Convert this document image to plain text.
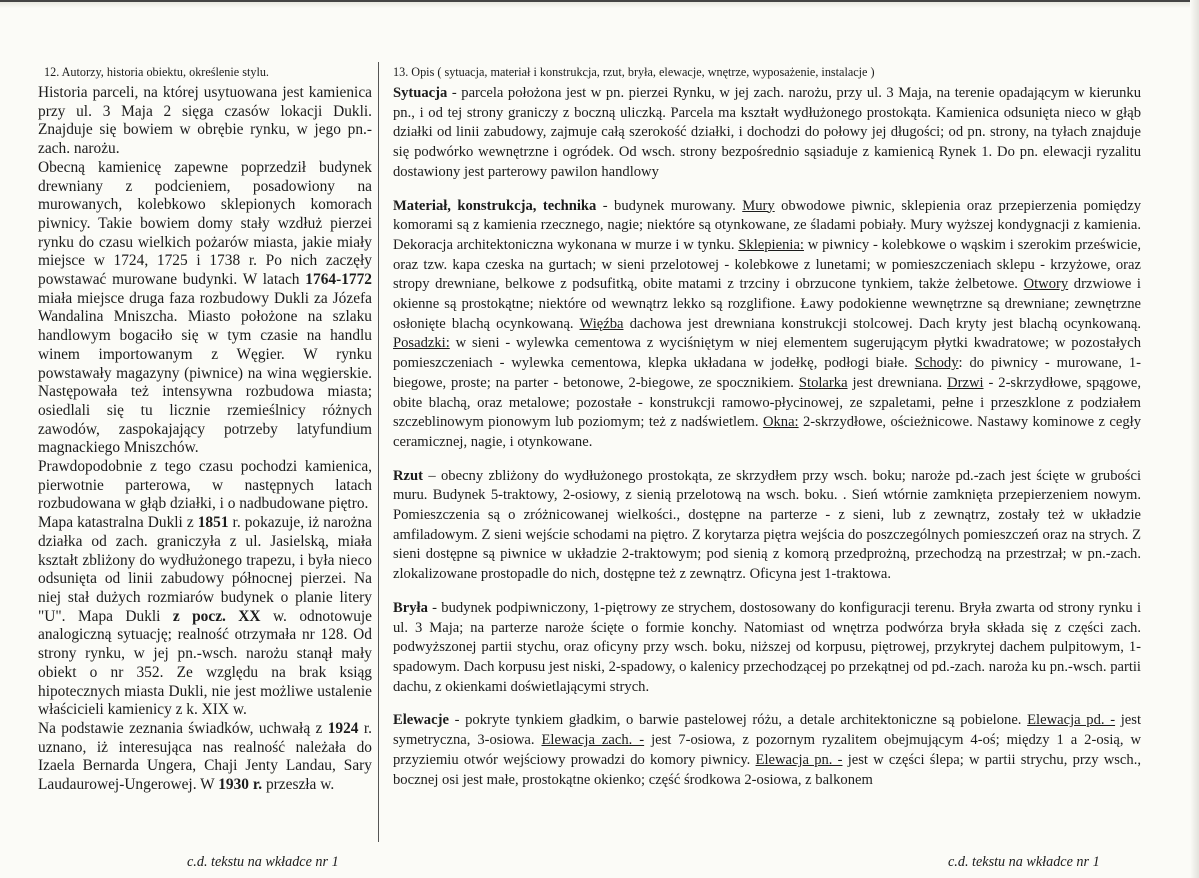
12. Autorzy, historia obiektu, określenie stylu.

Historia parceli, na której usytuowana jest kamienica przy ul. 3 Maja 2 sięga czasów lokacji Dukli. Znajduje się bowiem w obrębie rynku, w jego pn.-zach. narożu.

Obecną kamienicę zapewne poprzedził budynek drewniany z podcieniem, posadowiony na murowanych, kolebkowo sklepionych komorach piwnicy. Takie bowiem domy stały wzdłuż pierzei rynku do czasu wielkich pożarów miasta, jakie miały miejsce w 1724, 1725 i 1738 r. Po nich zaczęły powstawać murowane budynki. W latach 1764-1772 miała miejsce druga faza rozbudowy Dukli za Józefa Wandalina Mniszcha. Miasto położone na szlaku handlowym bogaciło się w tym czasie na handlu winem importowanym z Węgier. W rynku powstawały magazyny (piwnice) na wina węgierskie. Następowała też intensywna rozbudowa miasta; osiedlali się tu licznie rzemieślnicy różnych zawodów, zaspokajający potrzeby latyfundium magnackiego Mniszchów.

Prawdopodobnie z tego czasu pochodzi kamienica, pierwotnie parterowa, w następnych latach rozbudowana w głąb działki, i o nadbudowane piętro.

Mapa katastralna Dukli z 1851 r. pokazuje, iż narożna działka od zach. graniczyła z ul. Jasielską, miała kształt zbliżony do wydłużonego trapezu, i była nieco odsunięta od linii zabudowy północnej pierzei. Na niej stał dużych rozmiarów budynek o planie litery "U". Mapa Dukli z pocz. XX w. odnotowuje analogiczną sytuację; realność otrzymała nr 128. Od strony rynku, w jej pn.-wsch. narożu stanął mały obiekt o nr 352. Ze względu na brak ksiąg hipotecznych miasta Dukli, nie jest możliwe ustalenie właścicieli kamienicy z k. XIX w.

Na podstawie zeznania świadków, uchwałą z 1924 r. uznano, iż interesująca nas realność należała do Izaela Bernarda Ungera, Chaji Jenty Landau, Sary Laudaurowej-Ungerowej. W 1930 r. przeszła w.

13. Opis ( sytuacja, materiał i konstrukcja, rzut, bryła, elewacje, wnętrze, wyposażenie, instalacje )

Sytuacja - parcela położona jest w pn. pierzei Rynku, w jej zach. narożu, przy ul. 3 Maja, na terenie opadającym w kierunku pn., i od tej strony graniczy z boczną uliczką. Parcela ma kształt wydłużonego prostokąta. Kamienica odsunięta nieco w głąb działki od linii zabudowy, zajmuje całą szerokość działki, i dochodzi do połowy jej długości; od pn. strony, na tyłach znajduje się podwórko wewnętrzne i ogródek. Od wsch. strony bezpośrednio sąsiaduje z kamienicą Rynek 1. Do pn. elewacji ryzalitu dostawiony jest parterowy pawilon handlowy

Materiał, konstrukcja, technika - budynek murowany. Mury obwodowe piwnic, sklepienia oraz przepierzenia pomiędzy komorami są z kamienia rzecznego, nagie; niektóre są otynkowane, ze śladami pobiały. Mury wyższej kondygnacji z kamienia. Dekoracja architektoniczna wykonana w murze i w tynku. Sklepienia: w piwnicy - kolebkowe o wąskim i szerokim prześwicie, oraz tzw. kapa czeska na gurtach; w sieni przelotowej - kolebkowe z lunetami; w pomieszczeniach sklepu - krzyżowe, oraz stropy drewniane, belkowe z podsufitką, obite matami z trzciny i obrzucone tynkiem, także żelbetowe. Otwory drzwiowe i okienne są prostokątne; niektóre od wewnątrz lekko są rozglifione. Ławy podokienne wewnętrzne są drewniane; zewnętrzne osłonięte blachą ocynkowaną. Więźba dachowa jest drewniana konstrukcji stolcowej. Dach kryty jest blachą ocynkowaną. Posadzki: w sieni - wylewka cementowa z wyciśniętym w niej elementem sugerującym płytki kwadratowe; w pozostałych pomieszczeniach - wylewka cementowa, klepka układana w jodełkę, podłogi białe. Schody: do piwnicy - murowane, 1-biegowe, proste; na parter - betonowe, 2-biegowe, ze spocznikiem. Stolarka jest drewniana. Drzwi - 2-skrzydłowe, spągowe, obite blachą, oraz metalowe; pozostałe - konstrukcji ramowo-płycinowej, ze szpaletami, pełne i przeszklone z podziałem szczeblinowym pionowym lub poziomym; też z nadświetlem. Okna: 2-skrzydłowe, ościeżnicowe. Nastawy kominowe z cegły ceramicznej, nagie, i otynkowane.

Rzut – obecny zbliżony do wydłużonego prostokąta, ze skrzydłem przy wsch. boku; naroże pd.-zach jest ścięte w grubości muru. Budynek 5-traktowy, 2-osiowy, z sienią przelotową na wsch. boku. . Sień wtórnie zamknięta przepierzeniem nowym. Pomieszczenia są o zróżnicowanej wielkości., dostępne na parterze - z sieni, lub z zewnątrz, zostały też w układzie amfiladowym. Z sieni wejście schodami na piętro. Z korytarza piętra wejścia do poszczególnych pomieszczeń oraz na strych. Z sieni dostępne są piwnice w układzie 2-traktowym; pod sienią z komorą przedprożną, przechodzą na przestrzał; w pn.-zach. zlokalizowane prostopadle do nich, dostępne też z zewnątrz. Oficyna jest 1-traktowa.

Bryła - budynek podpiwniczony, 1-piętrowy ze strychem, dostosowany do konfiguracji terenu. Bryła zwarta od strony rynku i ul. 3 Maja; na parterze naroże ścięte o formie konchy. Natomiast od wnętrza podwórza bryła składa się z części zach. podwyższonej partii stychu, oraz oficyny przy wsch. boku, niższej od korpusu, piętrowej, przykrytej dachem pulpitowym, 1-spadowym. Dach korpusu jest niski, 2-spadowy, o kalenicy przechodzącej po przekątnej od pd.-zach. naroża ku pn.-wsch. partii dachu, z okienkami doświetlającymi strych.

Elewacje - pokryte tynkiem gładkim, o barwie pastelowej różu, a detale architektoniczne są pobielone. Elewacja pd. - jest symetryczna, 3-osiowa. Elewacja zach. - jest 7-osiowa, z pozornym ryzalitem obejmującym 4-oś; między 1 a 2-osią, w przyziemiu otwór wejściowy prowadzi do komory piwnicy. Elewacja pn. - jest w części ślepa; w partii strychu, przy wsch., bocznej osi jest małe, prostokątne okienko; część środkowa 2-osiowa, z balkonem

c.d. tekstu na wkładce nr 1	c.d. tekstu na wkładce nr 1
